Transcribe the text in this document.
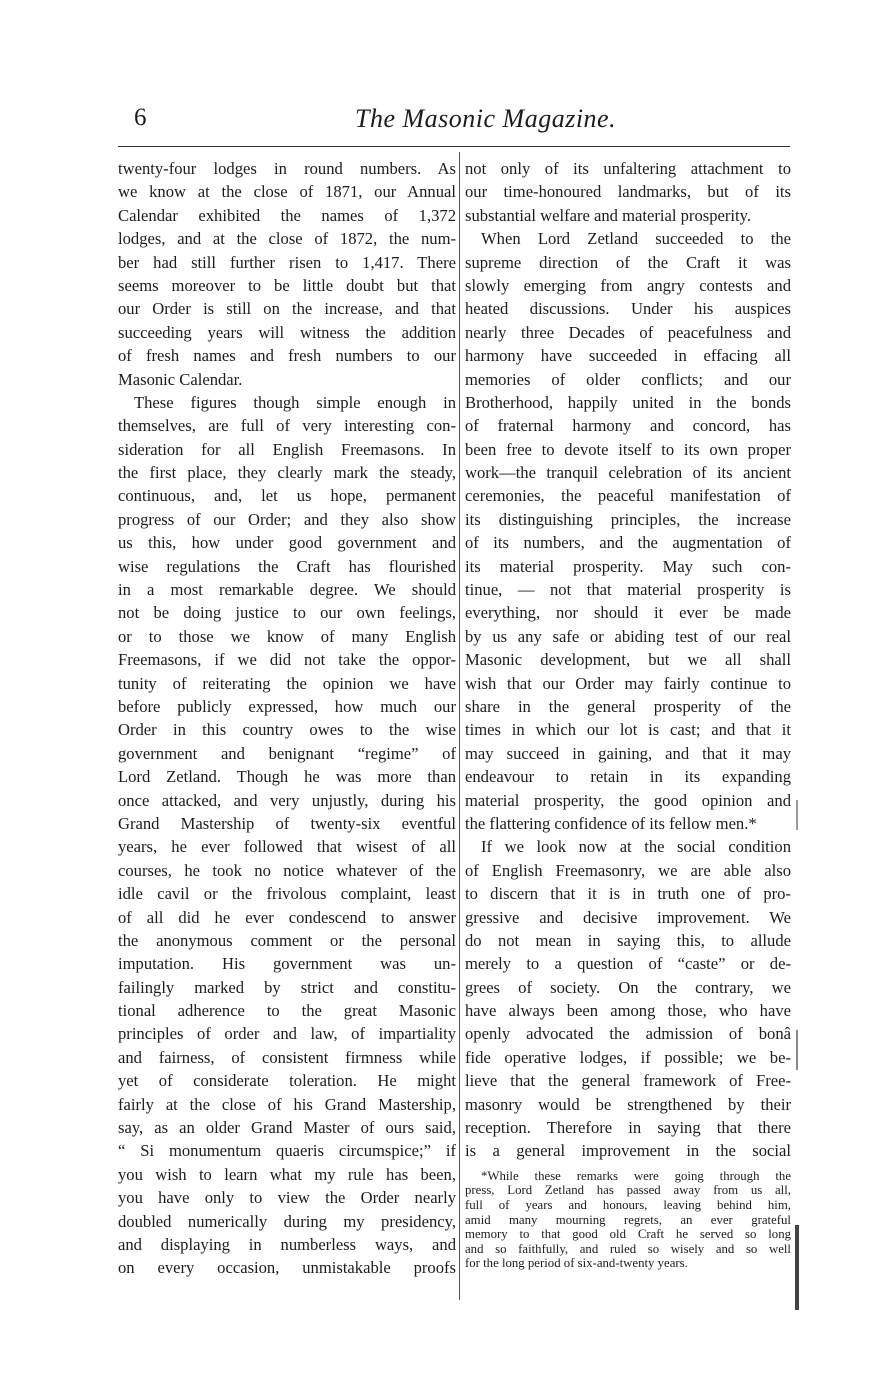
6	The Masonic Magazine.
twenty-four lodges in round numbers. As
we know at the close of 1871, our Annual
Calendar exhibited the names of 1,372
lodges, and at the close of 1872, the num-
ber had still further risen to 1,417. There
seems moreover to be little doubt but that
our Order is still on the increase, and that
succeeding years will witness the addition
of fresh names and fresh numbers to our
Masonic Calendar.
These figures though simple enough in
themselves, are full of very interesting con-
sideration for all English Freemasons. In
the first place, they clearly mark the steady,
continuous, and, let us hope, permanent
progress of our Order; and they also show
us this, how under good government and
wise regulations the Craft has flourished
in a most remarkable degree. We should
not be doing justice to our own feelings,
or to those we know of many English
Freemasons, if we did not take the oppor-
tunity of reiterating the opinion we have
before publicly expressed, how much our
Order in this country owes to the wise
government and benignant “regime” of
Lord Zetland. Though he was more than
once attacked, and very unjustly, during his
Grand Mastership of twenty-six eventful
years, he ever followed that wisest of all
courses, he took no notice whatever of the
idle cavil or the frivolous complaint, least
of all did he ever condescend to answer
the anonymous comment or the personal
imputation. His government was un-
failingly marked by strict and constitu-
tional adherence to the great Masonic
principles of order and law, of impartiality
and fairness, of consistent firmness while
yet of considerate toleration. He might
fairly at the close of his Grand Mastership,
say, as an older Grand Master of ours said,
“ Si monumentum quaeris circumspice;” if
you wish to learn what my rule has been,
you have only to view the Order nearly
doubled numerically during my presidency,
and displaying in numberless ways, and
on every occasion, unmistakable proofs
not only of its unfaltering attachment to
our time-honoured landmarks, but of its
substantial welfare and material prosperity.
When Lord Zetland succeeded to the
supreme direction of the Craft it was
slowly emerging from angry contests and
heated discussions. Under his auspices
nearly three Decades of peacefulness and
harmony have succeeded in effacing all
memories of older conflicts; and our
Brotherhood, happily united in the bonds
of fraternal harmony and concord, has
been free to devote itself to its own proper
work—the tranquil celebration of its ancient
ceremonies, the peaceful manifestation of
its distinguishing principles, the increase
of its numbers, and the augmentation of
its material prosperity. May such con-
tinue, — not that material prosperity is
everything, nor should it ever be made
by us any safe or abiding test of our real
Masonic development, but we all shall
wish that our Order may fairly continue to
share in the general prosperity of the
times in which our lot is cast; and that it
may succeed in gaining, and that it may
endeavour to retain in its expanding
material prosperity, the good opinion and
the flattering confidence of its fellow men.*
If we look now at the social condition
of English Freemasonry, we are able also
to discern that it is in truth one of pro-
gressive and decisive improvement. We
do not mean in saying this, to allude
merely to a question of “caste” or de-
grees of society. On the contrary, we
have always been among those, who have
openly advocated the admission of bonâ
fide operative lodges, if possible; we be-
lieve that the general framework of Free-
masonry would be strengthened by their
reception. Therefore in saying that there
is a general improvement in the social
*While these remarks were going through the
press, Lord Zetland has passed away from us all,
full of years and honours, leaving behind him,
amid many mourning regrets, an ever grateful
memory to that good old Craft he served so long
and so faithfully, and ruled so wisely and so well
for the long period of six-and-twenty years.
